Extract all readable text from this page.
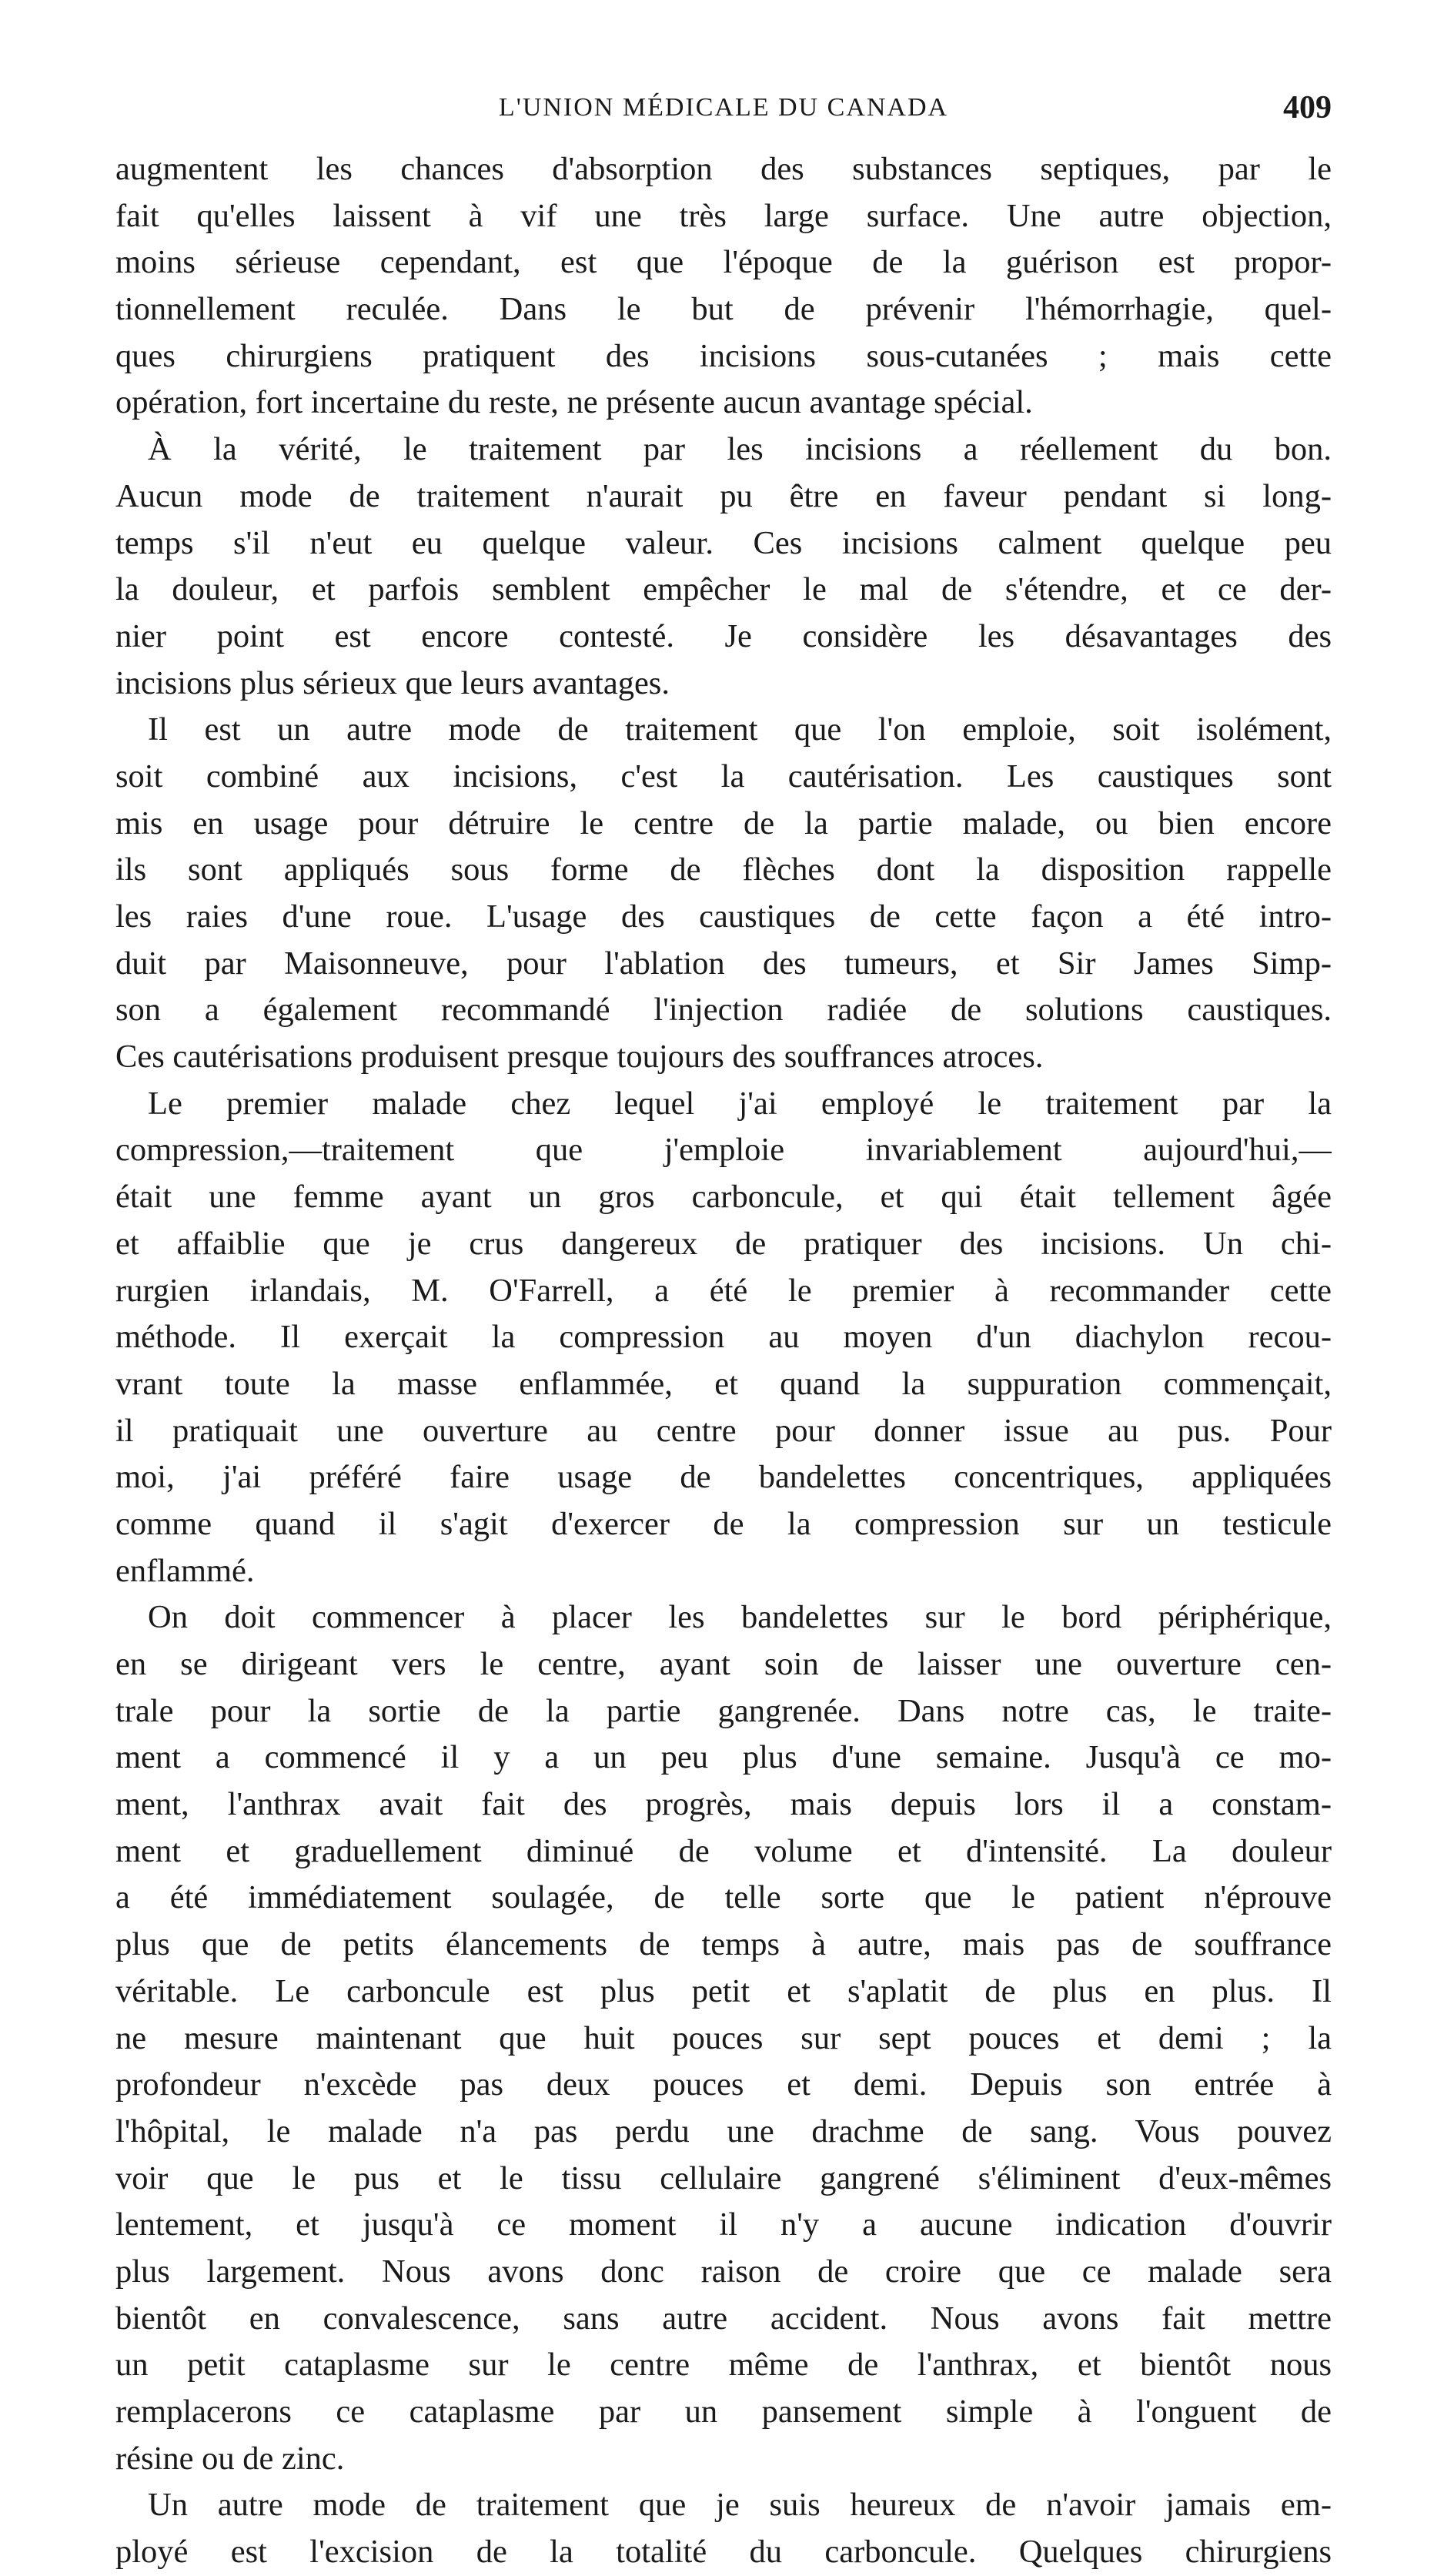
L'UNION MÉDICALE DU CANADA	409
augmentent les chances d'absorption des substances septiques, par le
fait qu'elles laissent à vif une très large surface. Une autre objection,
moins sérieuse cependant, est que l'époque de la guérison est propor-
tionnellement reculée. Dans le but de prévenir l'hémorrhagie, quel-
ques chirurgiens pratiquent des incisions sous-cutanées ; mais cette
opération, fort incertaine du reste, ne présente aucun avantage spécial.
À la vérité, le traitement par les incisions a réellement du bon.
Aucun mode de traitement n'aurait pu être en faveur pendant si long-
temps s'il n'eut eu quelque valeur. Ces incisions calment quelque peu
la douleur, et parfois semblent empêcher le mal de s'étendre, et ce der-
nier point est encore contesté. Je considère les désavantages des
incisions plus sérieux que leurs avantages.
Il est un autre mode de traitement que l'on emploie, soit isolément,
soit combiné aux incisions, c'est la cautérisation. Les caustiques sont
mis en usage pour détruire le centre de la partie malade, ou bien encore
ils sont appliqués sous forme de flèches dont la disposition rappelle
les raies d'une roue. L'usage des caustiques de cette façon a été intro-
duit par Maisonneuve, pour l'ablation des tumeurs, et Sir James Simp-
son a également recommandé l'injection radiée de solutions caustiques.
Ces cautérisations produisent presque toujours des souffrances atroces.
Le premier malade chez lequel j'ai employé le traitement par la
compression,—traitement que j'emploie invariablement aujourd'hui,—
était une femme ayant un gros carboncule, et qui était tellement âgée
et affaiblie que je crus dangereux de pratiquer des incisions. Un chi-
rurgien irlandais, M. O'Farrell, a été le premier à recommander cette
méthode. Il exerçait la compression au moyen d'un diachylon recou-
vrant toute la masse enflammée, et quand la suppuration commençait,
il pratiquait une ouverture au centre pour donner issue au pus. Pour
moi, j'ai préféré faire usage de bandelettes concentriques, appliquées
comme quand il s'agit d'exercer de la compression sur un testicule
enflammé.
On doit commencer à placer les bandelettes sur le bord périphérique,
en se dirigeant vers le centre, ayant soin de laisser une ouverture cen-
trale pour la sortie de la partie gangrenée. Dans notre cas, le traite-
ment a commencé il y a un peu plus d'une semaine. Jusqu'à ce mo-
ment, l'anthrax avait fait des progrès, mais depuis lors il a constam-
ment et graduellement diminué de volume et d'intensité. La douleur
a été immédiatement soulagée, de telle sorte que le patient n'éprouve
plus que de petits élancements de temps à autre, mais pas de souffrance
véritable. Le carboncule est plus petit et s'aplatit de plus en plus. Il
ne mesure maintenant que huit pouces sur sept pouces et demi ; la
profondeur n'excède pas deux pouces et demi. Depuis son entrée à
l'hôpital, le malade n'a pas perdu une drachme de sang. Vous pouvez
voir que le pus et le tissu cellulaire gangrené s'éliminent d'eux-mêmes
lentement, et jusqu'à ce moment il n'y a aucune indication d'ouvrir
plus largement. Nous avons donc raison de croire que ce malade sera
bientôt en convalescence, sans autre accident. Nous avons fait mettre
un petit cataplasme sur le centre même de l'anthrax, et bientôt nous
remplacerons ce cataplasme par un pansement simple à l'onguent de
résine ou de zinc.
Un autre mode de traitement que je suis heureux de n'avoir jamais em-
ployé est l'excision de la totalité du carboncule. Quelques chirurgiens
